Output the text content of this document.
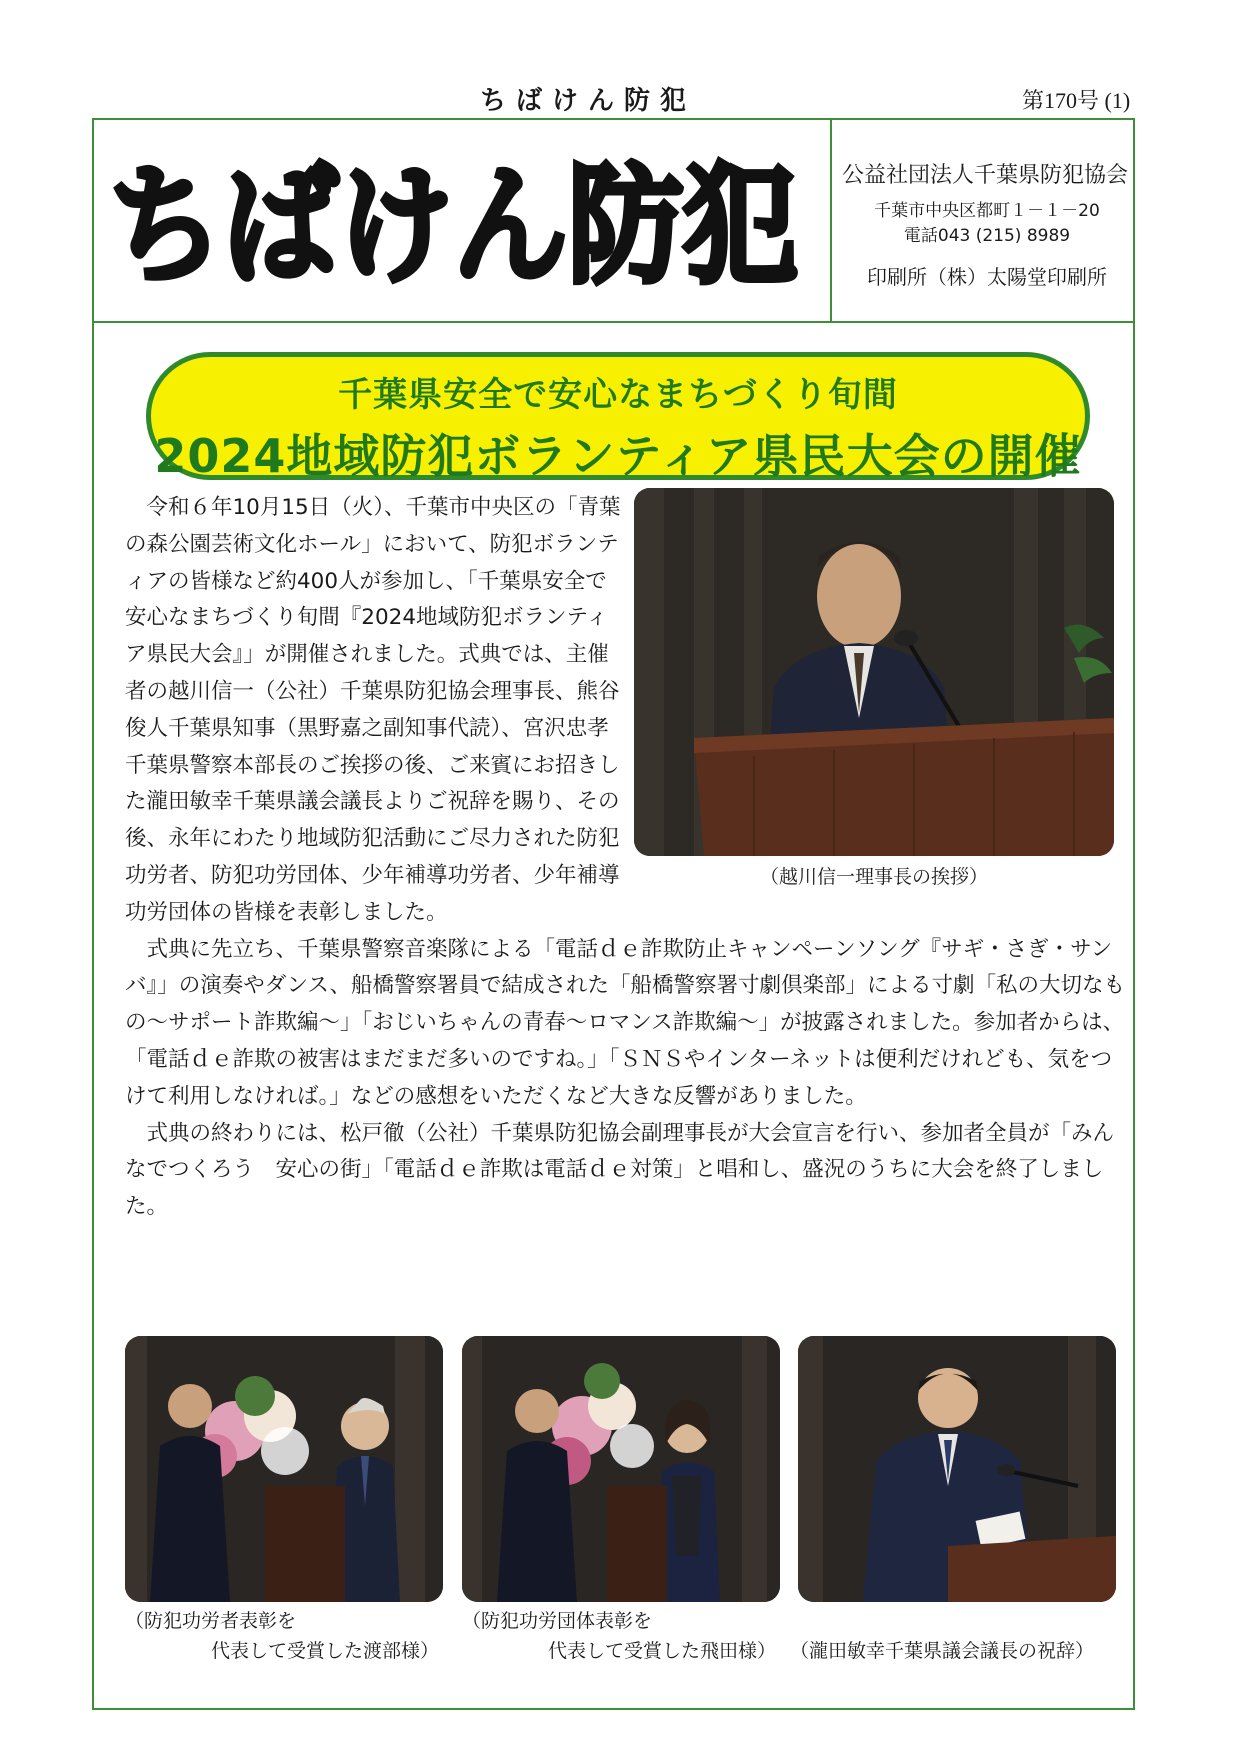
ちばけん防犯	第170号 (1)
ちばけん防犯 公益社団法人千葉県防犯協会
千葉市中央区都町１－１－20
電話043 (215) 8989
印刷所（株）太陽堂印刷所
千葉県安全で安心なまちづくり旬間
2024地域防犯ボランティア県民大会の開催

令和６年10月15日（火）、千葉市中央区の「青葉の森公園芸術文化ホール」において、防犯ボランティアの皆様など約400人が参加し、「千葉県安全で安心なまちづくり旬間『2024地域防犯ボランティア県民大会』」が開催されました。式典では、主催者の越川信一（公社）千葉県防犯協会理事長、熊谷俊人千葉県知事（黒野嘉之副知事代読）、宮沢忠孝千葉県警察本部長のご挨拶の後、ご来賓にお招きした瀧田敏幸千葉県議会議長よりご祝辞を賜り、その後、永年にわたり地域防犯活動にご尽力された防犯功労者、防犯功労団体、少年補導功労者、少年補導功労団体の皆様を表彰しました。

式典に先立ち、千葉県警察音楽隊による「電話ｄｅ詐欺防止キャンペーンソング『サギ・さぎ・サンバ』」の演奏やダンス、船橋警察署員で結成された「船橋警察署寸劇倶楽部」による寸劇「私の大切なもの～サポート詐欺編～」「おじいちゃんの青春～ロマンス詐欺編～」が披露されました。参加者からは、「電話ｄｅ詐欺の被害はまだまだ多いのですね。」「ＳＮＳやインターネットは便利だけれども、気をつけて利用しなければ。」などの感想をいただくなど大きな反響がありました。

式典の終わりには、松戸徹（公社）千葉県防犯協会副理事長が大会宣言を行い、参加者全員が「みんなでつくろう　安心の街」「電話ｄｅ詐欺は電話ｄｅ対策」と唱和し、盛況のうちに大会を終了しました。

（越川信一理事長の挨拶）
（防犯功労者表彰を
代表して受賞した渡部様）
（防犯功労団体表彰を
代表して受賞した飛田様） （瀧田敏幸千葉県議会議長の祝辞）
